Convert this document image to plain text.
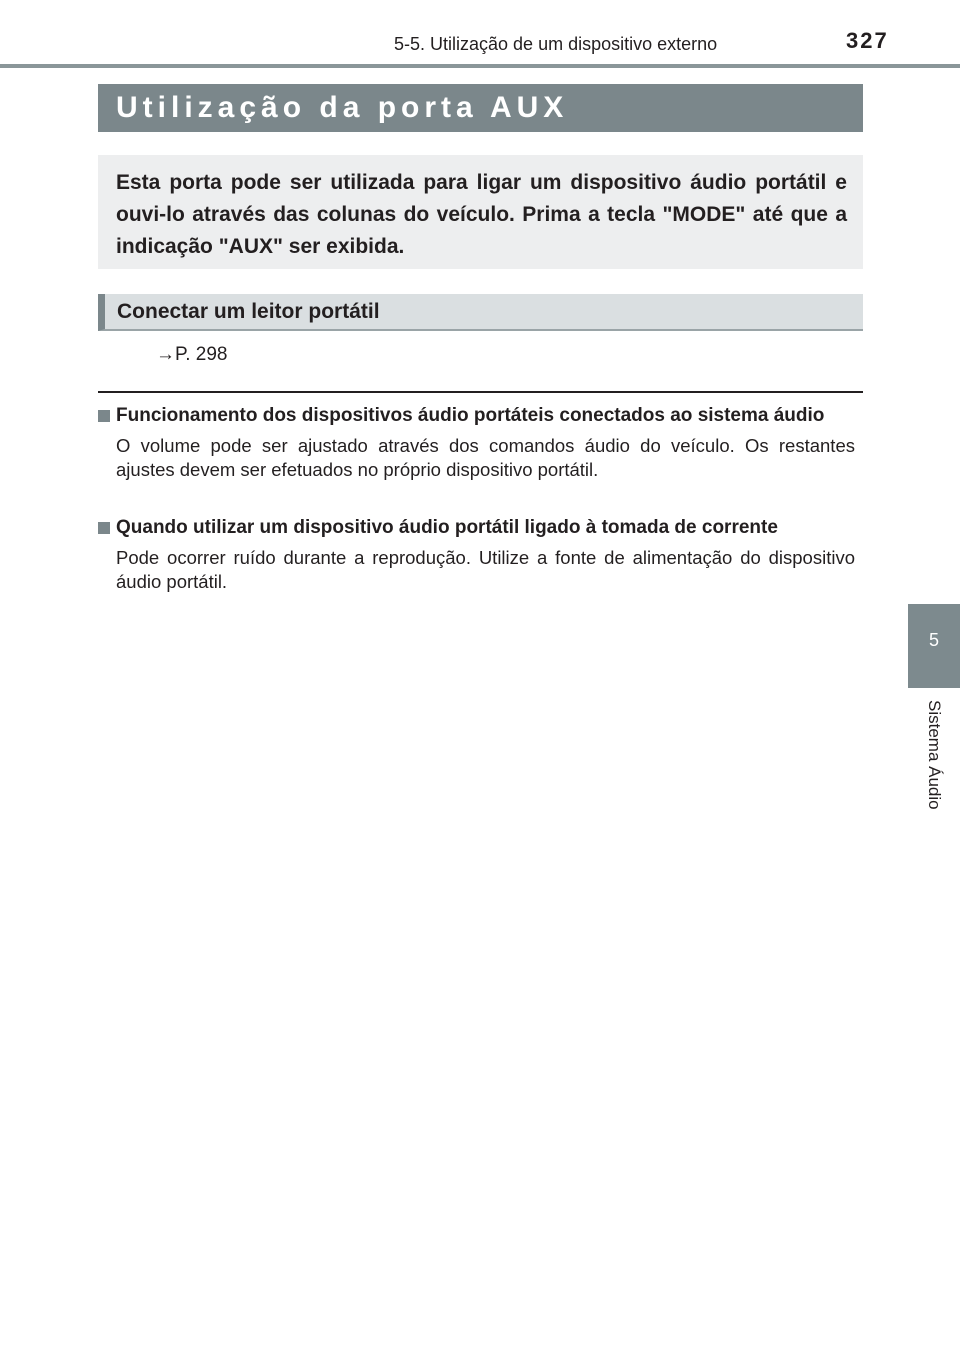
5-5. Utilização de um dispositivo externo	327
5
Sistema Áudio
Utilização da porta AUX

Esta porta pode ser utilizada para ligar um dispositivo áudio portátil e ouvi-lo através das colunas do veículo. Prima a tecla "MODE" até que a indicação "AUX" ser exibida.

Conectar um leitor portátil
→P. 298

Funcionamento dos dispositivos áudio portáteis conectados ao sistema áudio

O volume pode ser ajustado através dos comandos áudio do veículo. Os restantes ajustes devem ser efetuados no próprio dispositivo portátil.

Quando utilizar um dispositivo áudio portátil ligado à tomada de corrente

Pode ocorrer ruído durante a reprodução. Utilize a fonte de alimentação do dispositivo áudio portátil.
